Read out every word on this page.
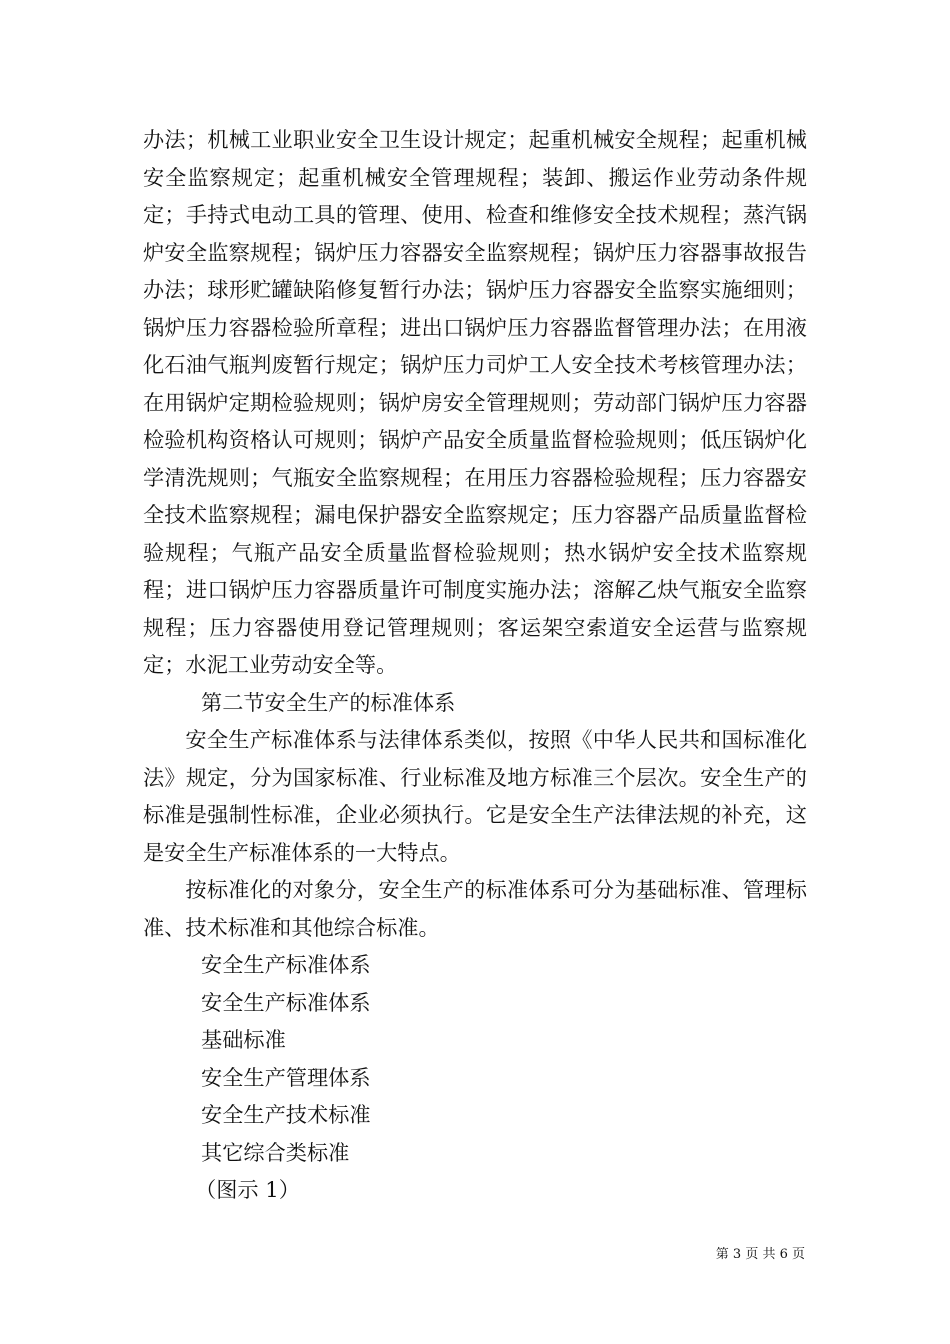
办法；机械工业职业安全卫生设计规定；起重机械安全规程；起重机械安全监察规定；起重机械安全管理规程；装卸、搬运作业劳动条件规定；手持式电动工具的管理、使用、检查和维修安全技术规程；蒸汽锅炉安全监察规程；锅炉压力容器安全监察规程；锅炉压力容器事故报告办法；球形贮罐缺陷修复暂行办法；锅炉压力容器安全监察实施细则；锅炉压力容器检验所章程；进出口锅炉压力容器监督管理办法；在用液化石油气瓶判废暂行规定；锅炉压力司炉工人安全技术考核管理办法；在用锅炉定期检验规则；锅炉房安全管理规则；劳动部门锅炉压力容器检验机构资格认可规则；锅炉产品安全质量监督检验规则；低压锅炉化学清洗规则；气瓶安全监察规程；在用压力容器检验规程；压力容器安全技术监察规程；漏电保护器安全监察规定；压力容器产品质量监督检验规程；气瓶产品安全质量监督检验规则；热水锅炉安全技术监察规程；进口锅炉压力容器质量许可制度实施办法；溶解乙炔气瓶安全监察规程；压力容器使用登记管理规则；客运架空索道安全运营与监察规定；水泥工业劳动安全等。

第二节安全生产的标准体系

安全生产标准体系与法律体系类似，按照《中华人民共和国标准化法》规定，分为国家标准、行业标准及地方标准三个层次。安全生产的标准是强制性标准，企业必须执行。它是安全生产法律法规的补充，这是安全生产标准体系的一大特点。

按标准化的对象分，安全生产的标准体系可分为基础标准、管理标准、技术标准和其他综合标准。

安全生产标准体系

安全生产标准体系

基础标准

安全生产管理体系

安全生产技术标准

其它综合类标准

（图示 1）

第 3 页 共 6 页
